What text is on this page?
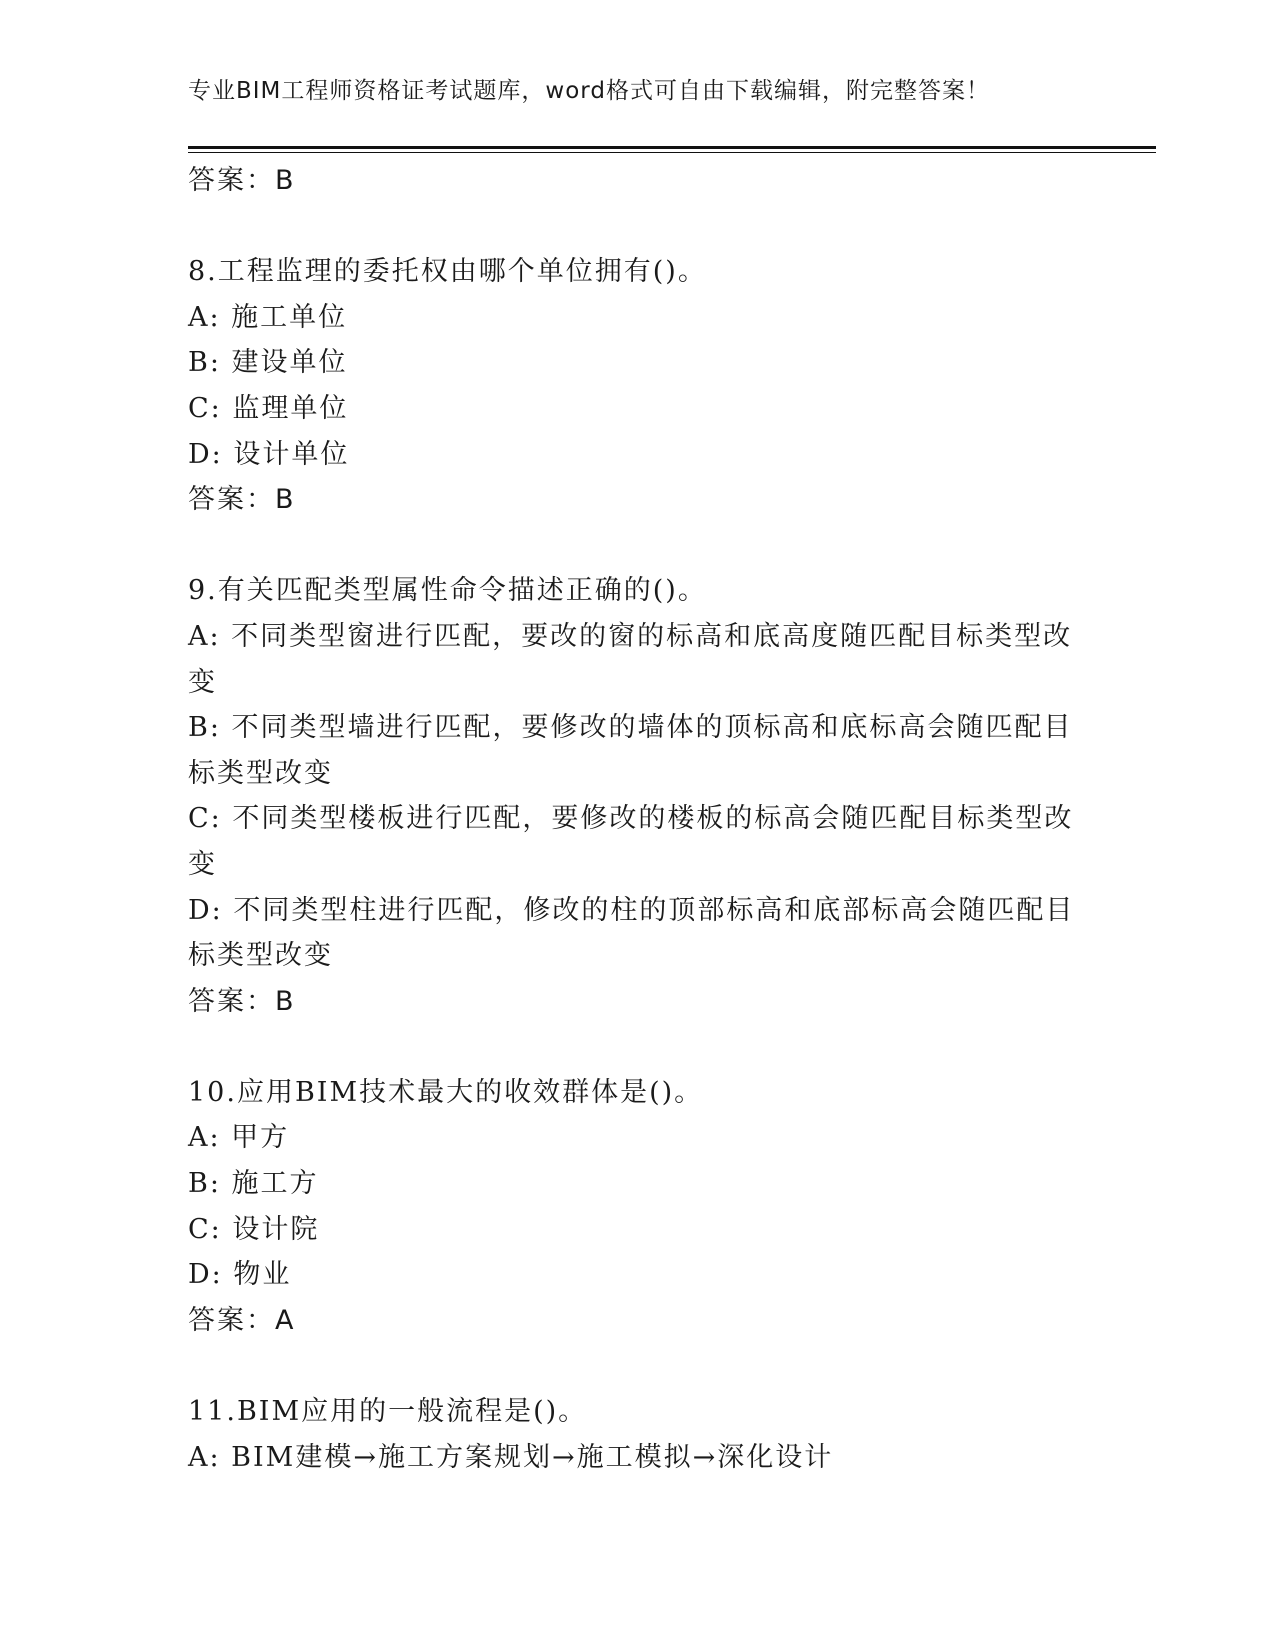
专业BIM工程师资格证考试题库，word格式可自由下载编辑，附完整答案！
答案：B
8.工程监理的委托权由哪个单位拥有()。
A: 施工单位
B: 建设单位
C: 监理单位
D: 设计单位
答案：B
9.有关匹配类型属性命令描述正确的()。
A: 不同类型窗进行匹配，要改的窗的标高和底高度随匹配目标类型改变
B: 不同类型墙进行匹配，要修改的墙体的顶标高和底标高会随匹配目标类型改变
C: 不同类型楼板进行匹配，要修改的楼板的标高会随匹配目标类型改变
D: 不同类型柱进行匹配，修改的柱的顶部标高和底部标高会随匹配目标类型改变
答案：B
10.应用BIM技术最大的收效群体是()。
A: 甲方
B: 施工方
C: 设计院
D: 物业
答案：A
11.BIM应用的一般流程是()。
A: BIM建模→施工方案规划→施工模拟→深化设计
